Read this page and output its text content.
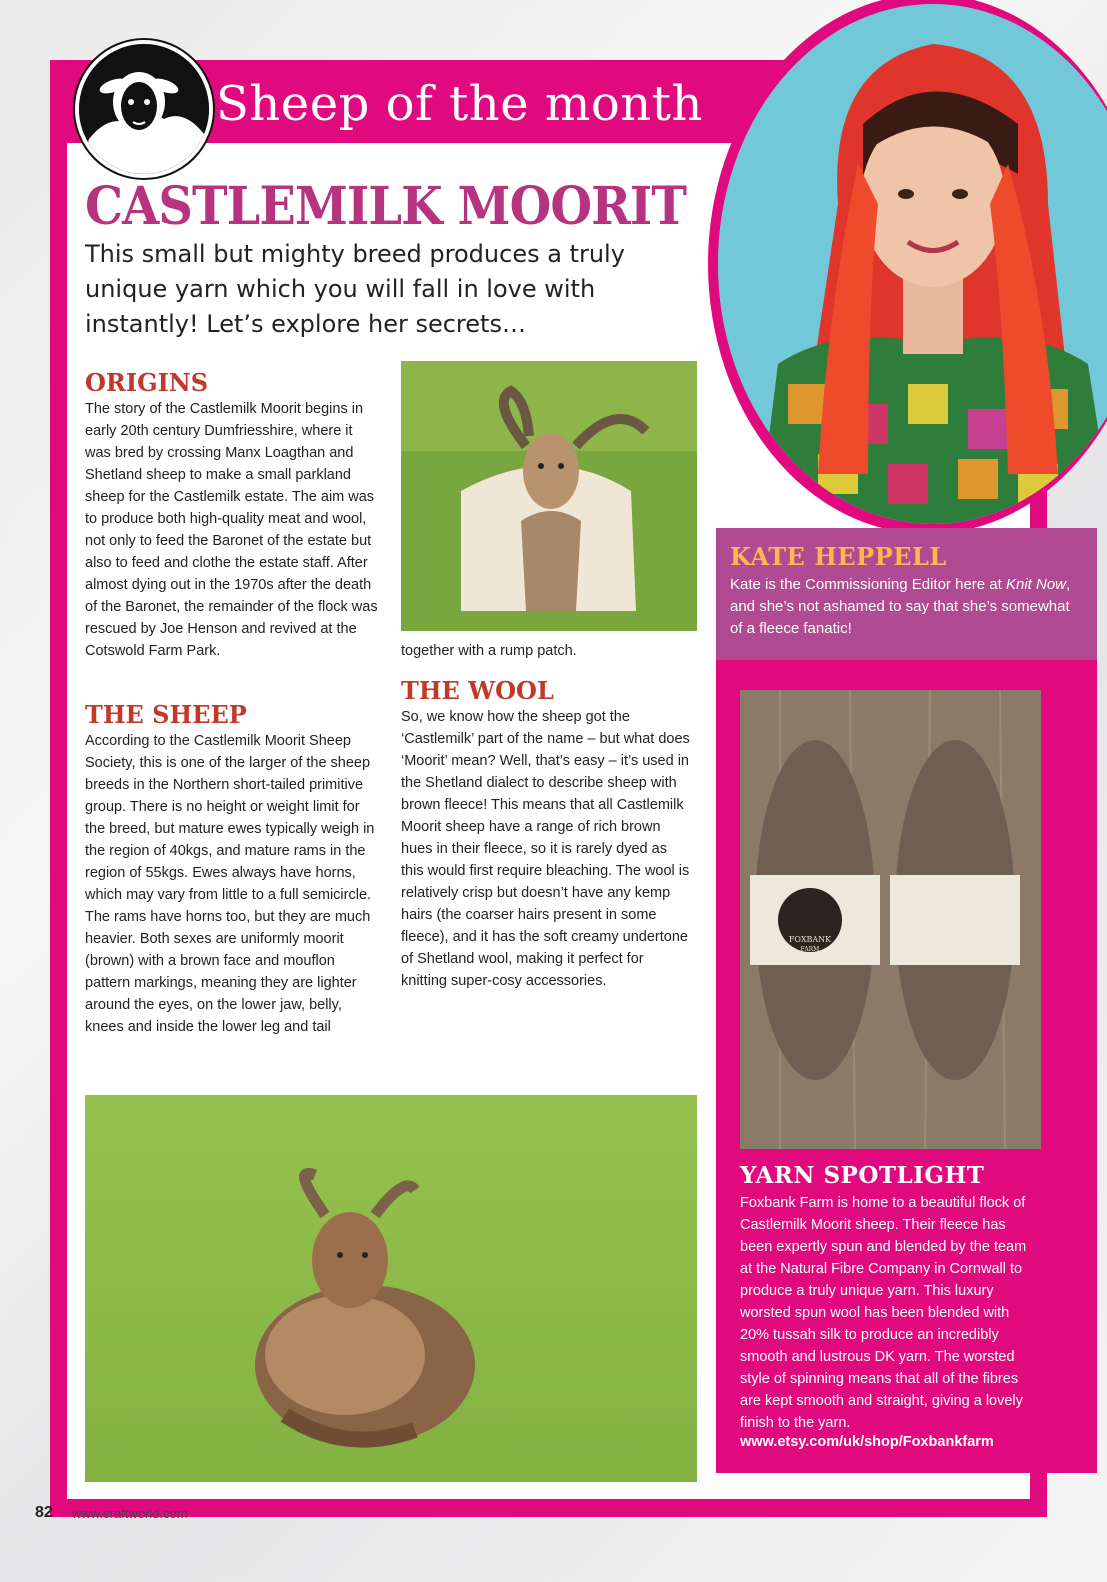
Sheep of the month
CASTLEMILK MOORIT

This small but mighty breed produces a truly unique yarn which you will fall in love with instantly! Let’s explore her secrets…

ORIGINS

The story of the Castlemilk Moorit begins in early 20th century Dumfriesshire, where it was bred by crossing Manx Loagthan and Shetland sheep to make a small parkland sheep for the Castlemilk estate. The aim was to produce both high-quality meat and wool, not only to feed the Baronet of the estate but also to feed and clothe the estate staff. After almost dying out in the 1970s after the death of the Baronet, the remainder of the flock was rescued by Joe Henson and revived at the Cotswold Farm Park.

THE SHEEP

According to the Castlemilk Moorit Sheep Society, this is one of the larger of the sheep breeds in the Northern short-tailed primitive group. There is no height or weight limit for the breed, but mature ewes typically weigh in the region of 40kgs, and mature rams in the region of 55kgs. Ewes always have horns, which may vary from little to a full semicircle. The rams have horns too, but they are much heavier. Both sexes are uniformly moorit (brown) with a brown face and mouflon pattern markings, meaning they are lighter around the eyes, on the lower jaw, belly, knees and inside the lower leg and tail

together with a rump patch.

THE WOOL

So, we know how the sheep got the ‘Castlemilk’ part of the name – but what does ‘Moorit’ mean? Well, that’s easy – it’s used in the Shetland dialect to describe sheep with brown fleece! This means that all Castlemilk Moorit sheep have a range of rich brown hues in their fleece, so it is rarely dyed as this would first require bleaching. The wool is relatively crisp but doesn’t have any kemp hairs (the coarser hairs present in some fleece), and it has the soft creamy undertone of Shetland wool, making it perfect for knitting super-cosy accessories.

KATE HEPPELL

Kate is the Commissioning Editor here at Knit Now, and she’s not ashamed to say that she’s somewhat of a fleece fanatic!

FOXBANK
FARM
YARN SPOTLIGHT

Foxbank Farm is home to a beautiful flock of Castlemilk Moorit sheep. Their fleece has been expertly spun and blended by the team at the Natural Fibre Company in Cornwall to produce a truly unique yarn. This luxury worsted spun wool has been blended with 20% tussah silk to produce an incredibly smooth and lustrous DK yarn. The worsted style of spinning means that all of the fibres are kept smooth and straight, giving a lovely finish to the yarn.

www.etsy.com/uk/shop/Foxbankfarm

82 www.craftworld.com
